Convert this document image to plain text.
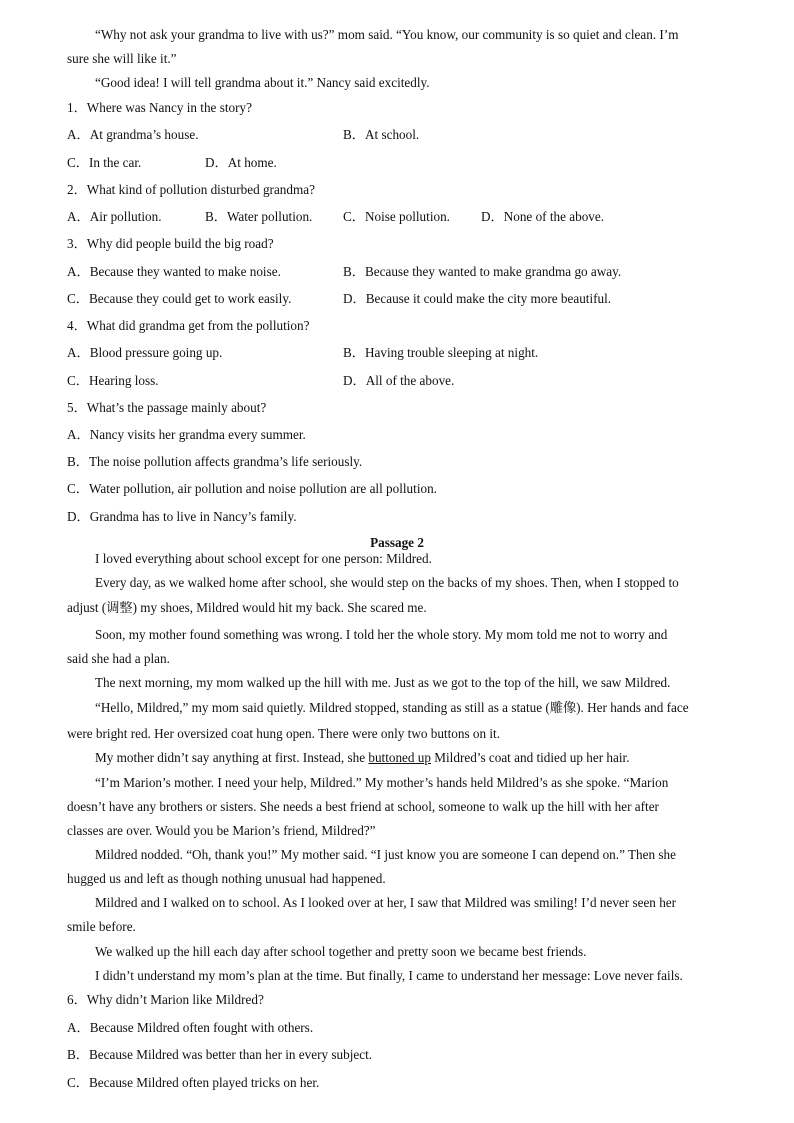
“Why not ask your grandma to live with us?” mom said. “You know, our community is so quiet and clean. I’m
sure she will like it.”
“Good idea! I will tell grandma about it.” Nancy said excitedly.
1．Where was Nancy in the story?
A．At grandma’s house.	B．At school.
C．In the car.	D．At home.
2．What kind of pollution disturbed grandma?
A．Air pollution.	B．Water pollution. C．Noise pollution. D．None of the above.
3．Why did people build the big road?
A．Because they wanted to make noise.	B．Because they wanted to make grandma go away.
C．Because they could get to work easily.	D．Because it could make the city more beautiful.
4．What did grandma get from the pollution?
A．Blood pressure going up.	B．Having trouble sleeping at night.
C．Hearing loss.	D．All of the above.
5．What’s the passage mainly about?
A．Nancy visits her grandma every summer.
B．The noise pollution affects grandma’s life seriously.
C．Water pollution, air pollution and noise pollution are all pollution.
D．Grandma has to live in Nancy’s family.
Passage 2
I loved everything about school except for one person: Mildred.
Every day, as we walked home after school, she would step on the backs of my shoes. Then, when I stopped to
adjust (调整) my shoes, Mildred would hit my back. She scared me.
Soon, my mother found something was wrong. I told her the whole story. My mom told me not to worry and
said she had a plan.
The next morning, my mom walked up the hill with me. Just as we got to the top of the hill, we saw Mildred.
“Hello, Mildred,” my mom said quietly. Mildred stopped, standing as still as a statue (雕像). Her hands and face
were bright red. Her oversized coat hung open. There were only two buttons on it.
My mother didn’t say anything at first. Instead, she buttoned up Mildred’s coat and tidied up her hair.
“I’m Marion’s mother. I need your help, Mildred.” My mother’s hands held Mildred’s as she spoke. “Marion
doesn’t have any brothers or sisters. She needs a best friend at school, someone to walk up the hill with her after
classes are over. Would you be Marion’s friend, Mildred?”
Mildred nodded. “Oh, thank you!” My mother said. “I just know you are someone I can depend on.” Then she
hugged us and left as though nothing unusual had happened.
Mildred and I walked on to school. As I looked over at her, I saw that Mildred was smiling! I’d never seen her
smile before.
We walked up the hill each day after school together and pretty soon we became best friends.
I didn’t understand my mom’s plan at the time. But finally, I came to understand her message: Love never fails.
6．Why didn’t Marion like Mildred?
A．Because Mildred often fought with others.
B．Because Mildred was better than her in every subject.
C．Because Mildred often played tricks on her.
